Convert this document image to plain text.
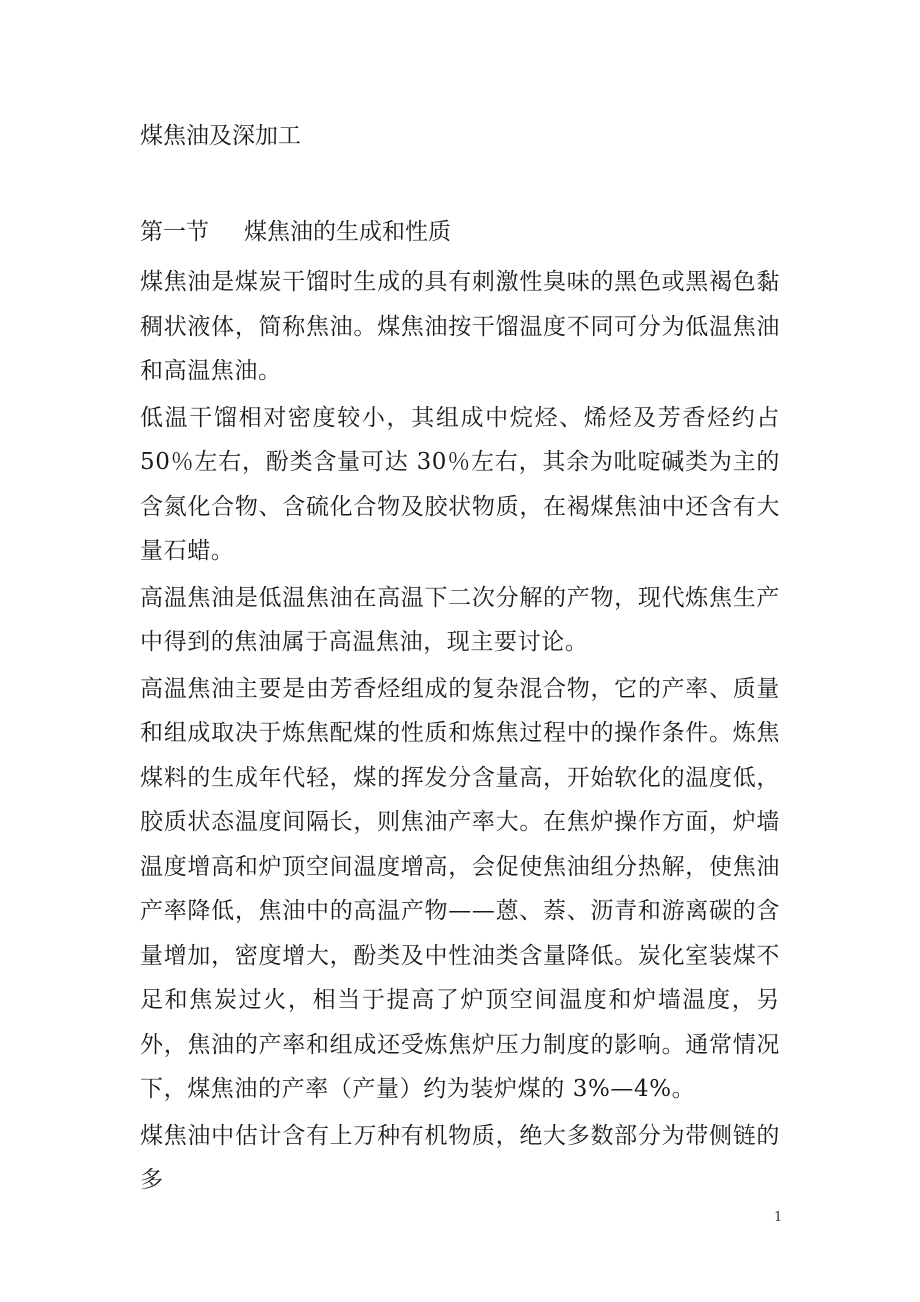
煤焦油及深加工
第一节 煤焦油的生成和性质

煤焦油是煤炭干馏时生成的具有刺激性臭味的黑色或黑褐色黏稠状液体，简称焦油。煤焦油按干馏温度不同可分为低温焦油和高温焦油。

低温干馏相对密度较小，其组成中烷烃、烯烃及芳香烃约占 50％左右，酚类含量可达 30％左右，其余为吡啶碱类为主的含氮化合物、含硫化合物及胶状物质，在褐煤焦油中还含有大量石蜡。

高温焦油是低温焦油在高温下二次分解的产物，现代炼焦生产中得到的焦油属于高温焦油，现主要讨论。

高温焦油主要是由芳香烃组成的复杂混合物，它的产率、质量和组成取决于炼焦配煤的性质和炼焦过程中的操作条件。炼焦煤料的生成年代轻，煤的挥发分含量高，开始软化的温度低，胶质状态温度间隔长，则焦油产率大。在焦炉操作方面，炉墙温度增高和炉顶空间温度增高，会促使焦油组分热解，使焦油产率降低，焦油中的高温产物——蒽、萘、沥青和游离碳的含量增加，密度增大，酚类及中性油类含量降低。炭化室装煤不足和焦炭过火，相当于提高了炉顶空间温度和炉墙温度，另外，焦油的产率和组成还受炼焦炉压力制度的影响。通常情况下，煤焦油的产率（产量）约为装炉煤的 3%—4%。

煤焦油中估计含有上万种有机物质，绝大多数部分为带侧链的多

1
